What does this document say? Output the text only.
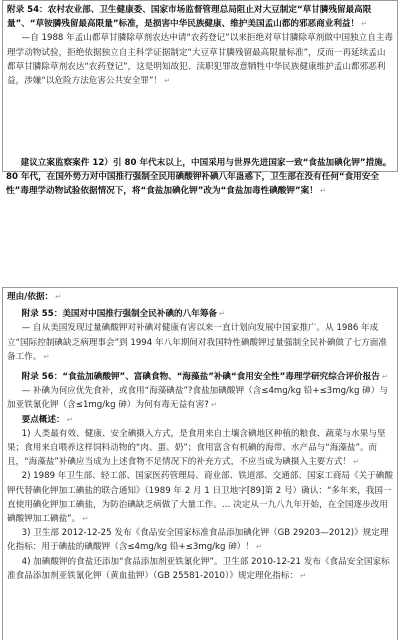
附录 54：农村农业部、卫生健康委、国家市场监督管理总局阻止对大豆制定“草甘膦残留最高限量”、“草铵膦残留最高限量”标准，是损害中华民族健康、维护美国孟山都的邪恶商业利益！ ↵

—自 1988 年孟山都草甘膦除草剂农达申请“农药登记”以来拒绝对草甘膦除草剂做中国独立自主毒理学动物试验，拒绝依据独立自主科学证据制定“大豆草甘膦残留最高限量标准”，反而一再延续孟山都草甘膦除草剂农达“农药登记”，这是明知故犯、渎职犯罪故意牺牲中华民族健康维护孟山都邪恶利益，涉嫌“以危险方法危害公共安全罪”！ ↵

建议立案监察案件 12）引 80 年代末以上，中国采用与世界先进国家一致“食盐加碘化钾”措施。80 年代，在国外势力对中国推行强制全民用碘酸钾补碘八年蛊惑下，卫生部在没有任何“食用安全性”毒理学动物试验依据情况下，将“食盐加碘化钾”改为“食盐加毒性碘酸钾”案！ ↵

理由/依据： ↵

附录 55：美国对中国推行强制全民补碘的八年筹备 ↵

— 自从美国发现过量碘酸钾对补碘对健康有害以来一直计划向发展中国家推广。从 1986 年成立“国际控制碘缺乏病理事会”到 1994 年八年期间对我国特性碘酸钾过量强制全民补碘做了七方面准备工作。 ↵

附录 56：“食盐加碘酸钾”、富碘食物、“海藻盐”补碘“食用安全性”毒理学研究综合评价报告 ↵

— 补碘为何应优先食补，或食用“海藻碘盐”?食盐加碘酸钾（含≤4mg/kg 铅+≤3mg/kg 砷）与加亚铁氰化钾（含≤1mg/kg 砷）为何有毒无益有害? ↵

要点概述： ↵

1) 人类最有效、健康、安全碘摄入方式，是食用来自土壤含碘地区种植的粮食、蔬菜与水果与坚果；食用来自喂养这样饲料动物的“肉、蛋、奶”；食用富含有机碘的海带、水产品与“海藻盐”。而且，“海藻盐”补碘应当成为上述食物不足情况下的补充方式，不应当成为碘摄入主要方式！ ↵

2) 1989 年卫生部、轻工部、国家医药管理局、商业部、铁道部、交通部、国家工商局《关于碘酸钾代替碘化钾加工碘盐的联合通知》（1989 年 2 月 1 日卫地字[89]第 2 号）确认：“多年来，我国一直使用碘化钾加工碘盐，为防治碘缺乏病做了大量工作。… 决定从一九八九年开始，在全国逐步改用碘酸钾加工碘盐”。 ↵

3) 卫生部 2012-12-25 发布《食品安全国家标准食品添加碘化钾（GB 29203—2012)》规定理化指标：用于碘盐的碘酸钾（含≤4mg/kg 铅+≤3mg/kg 砷）！ ↵

4) 加碘酸钾的食盐还添加“食品添加剂亚铁氰化钾”。卫生部 2010-12-21 发布《食品安全国家标准食品添加剂亚铁氰化钾（黄血盐钾）（GB 25581-2010）》规定理化指标： ↵
